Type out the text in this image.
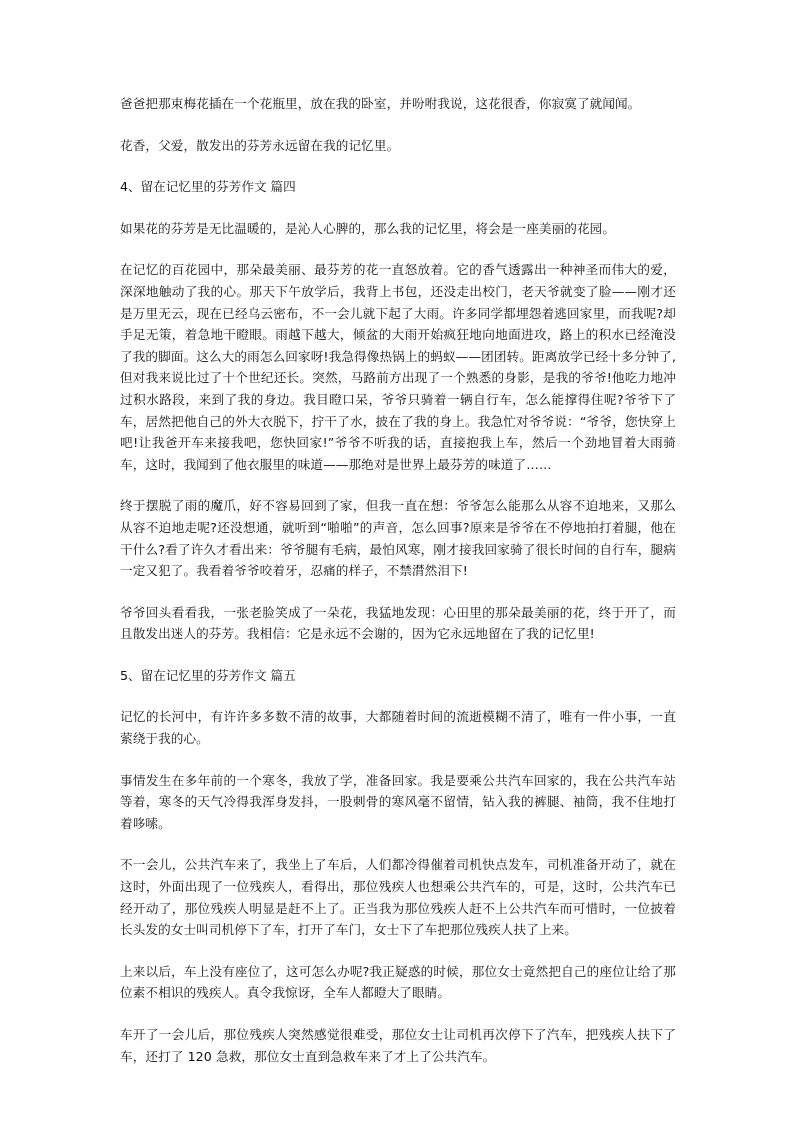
爸爸把那束梅花插在一个花瓶里，放在我的卧室，并吩咐我说，这花很香，你寂寞了就闻闻。

花香，父爱，散发出的芬芳永远留在我的记忆里。

4、留在记忆里的芬芳作文 篇四

如果花的芬芳是无比温暖的，是沁人心脾的，那么我的记忆里，将会是一座美丽的花园。

在记忆的百花园中，那朵最美丽、最芬芳的花一直怒放着。它的香气透露出一种神圣而伟大的爱，深深地触动了我的心。那天下午放学后，我背上书包，还没走出校门，老天爷就变了脸——刚才还是万里无云，现在已经乌云密布，不一会儿就下起了大雨。许多同学都埋怨着逃回家里，而我呢?却手足无策，着急地干瞪眼。雨越下越大，倾盆的大雨开始疯狂地向地面进攻，路上的积水已经淹没了我的脚面。这么大的雨怎么回家呀!我急得像热锅上的蚂蚁——团团转。距离放学已经十多分钟了,但对我来说比过了十个世纪还长。突然，马路前方出现了一个熟悉的身影，是我的爷爷!他吃力地冲过积水路段，来到了我的身边。我目瞪口呆，爷爷只骑着一辆自行车，怎么能撑得住呢?爷爷下了车，居然把他自己的外大衣脱下，拧干了水，披在了我的身上。我急忙对爷爷说：“爷爷，您快穿上吧!让我爸开车来接我吧，您快回家!”爷爷不听我的话，直接抱我上车，然后一个劲地冒着大雨骑车，这时，我闻到了他衣服里的味道——那绝对是世界上最芬芳的味道了……

终于摆脱了雨的魔爪，好不容易回到了家，但我一直在想：爷爷怎么能那么从容不迫地来，又那么从容不迫地走呢?还没想通，就听到“啪啪”的声音，怎么回事?原来是爷爷在不停地拍打着腿，他在干什么?看了许久才看出来：爷爷腿有毛病，最怕风寒，刚才接我回家骑了很长时间的自行车，腿病一定又犯了。我看着爷爷咬着牙，忍痛的样子，不禁潸然泪下!

爷爷回头看看我，一张老脸笑成了一朵花，我猛地发现：心田里的那朵最美丽的花，终于开了，而且散发出迷人的芬芳。我相信：它是永远不会谢的，因为它永远地留在了我的记忆里!

5、留在记忆里的芬芳作文 篇五

记忆的长河中，有许许多多数不清的故事，大都随着时间的流逝模糊不清了，唯有一件小事，一直萦绕于我的心。

事情发生在多年前的一个寒冬，我放了学，准备回家。我是要乘公共汽车回家的，我在公共汽车站等着，寒冬的天气冷得我浑身发抖，一股刺骨的寒风毫不留情，钻入我的裤腿、袖筒，我不住地打着哆嗦。

不一会儿，公共汽车来了，我坐上了车后，人们都冷得催着司机快点发车，司机准备开动了，就在这时，外面出现了一位残疾人，看得出，那位残疾人也想乘公共汽车的，可是，这时，公共汽车已经开动了，那位残疾人明显是赶不上了。正当我为那位残疾人赶不上公共汽车而可惜时，一位披着长头发的女士叫司机停下了车，打开了车门，女士下了车把那位残疾人扶了上来。

上来以后，车上没有座位了，这可怎么办呢?我正疑惑的时候，那位女士竟然把自己的座位让给了那位素不相识的残疾人。真令我惊讶，全车人都瞪大了眼睛。

车开了一会儿后，那位残疾人突然感觉很难受，那位女士让司机再次停下了汽车，把残疾人扶下了车，还打了 120 急救，那位女士直到急救车来了才上了公共汽车。
